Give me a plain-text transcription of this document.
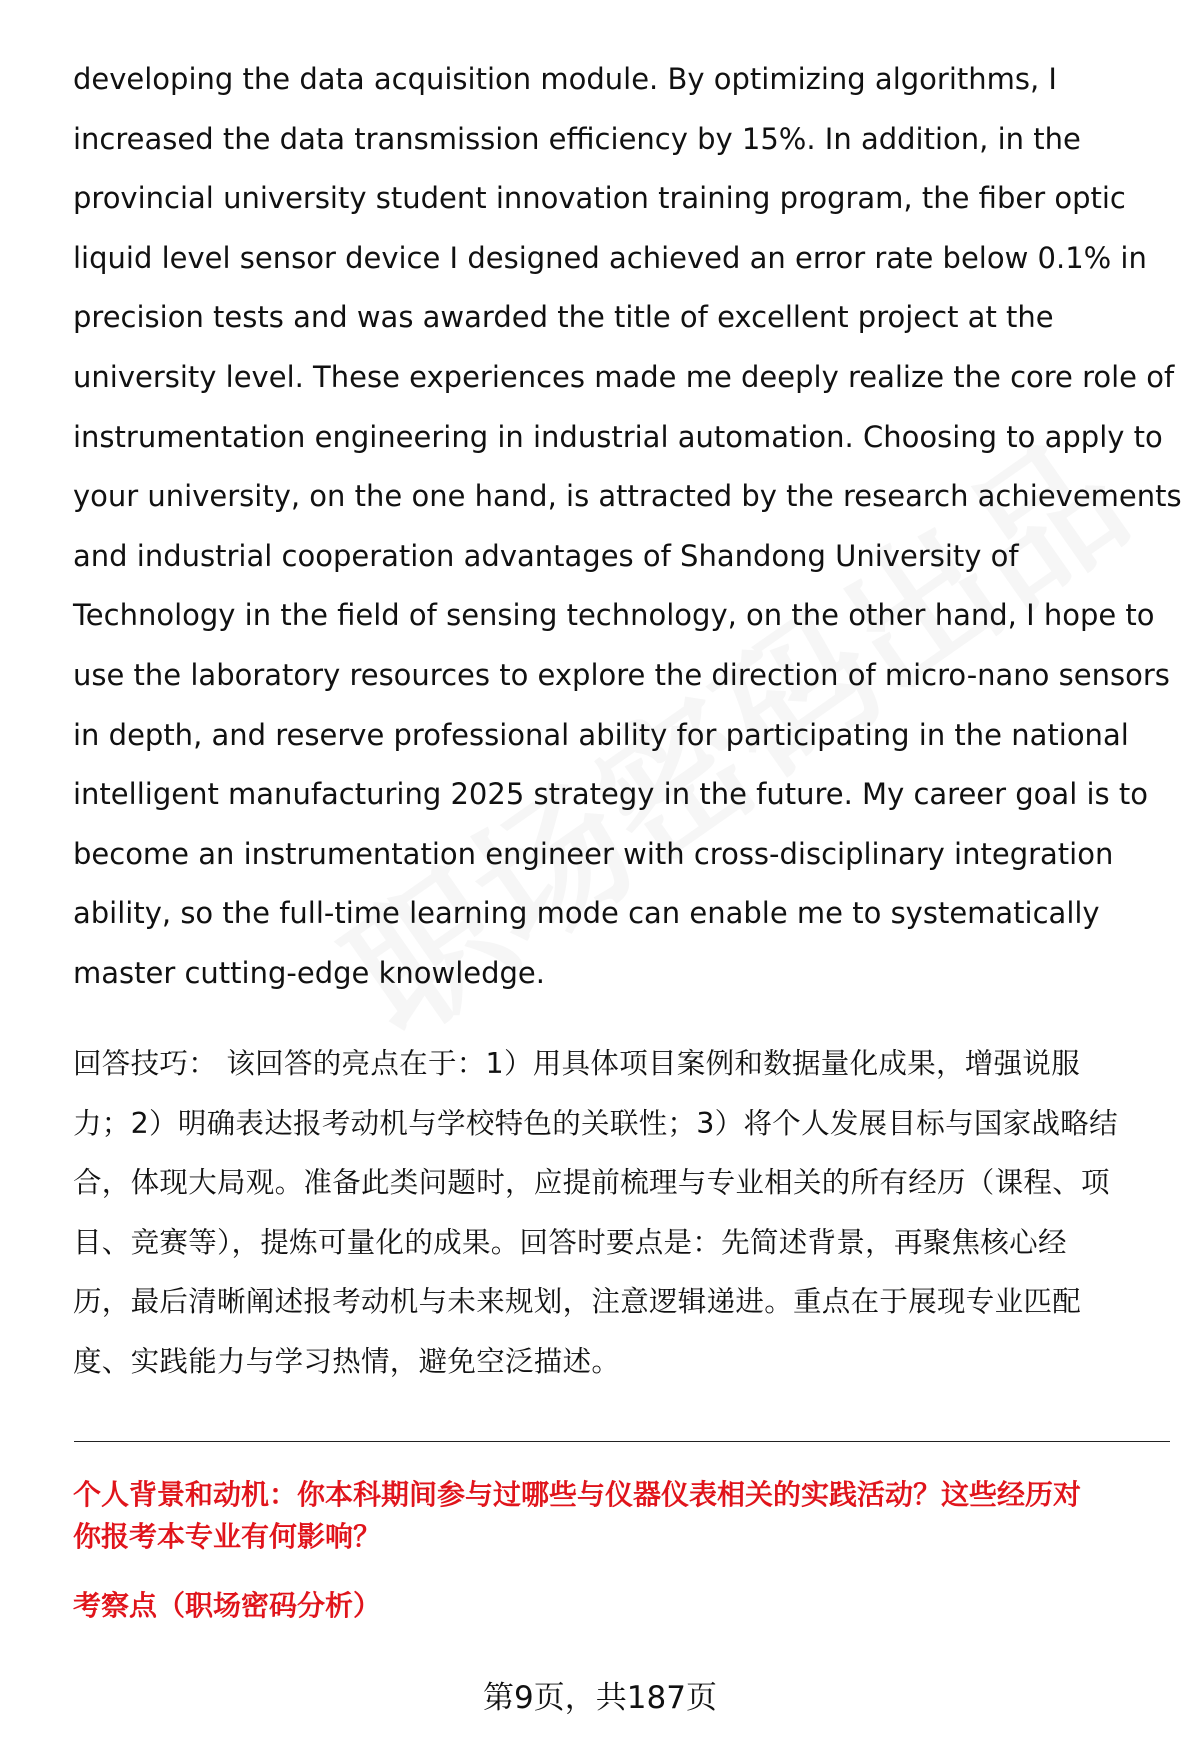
developing the data acquisition module. By optimizing algorithms, I
increased the data transmission efficiency by 15%. In addition, in the
provincial university student innovation training program, the fiber optic
liquid level sensor device I designed achieved an error rate below 0.1% in
precision tests and was awarded the title of excellent project at the
university level. These experiences made me deeply realize the core role of
instrumentation engineering in industrial automation. Choosing to apply to
your university, on the one hand, is attracted by the research achievements
and industrial cooperation advantages of Shandong University of
Technology in the field of sensing technology, on the other hand, I hope to
use the laboratory resources to explore the direction of micro-nano sensors
in depth, and reserve professional ability for participating in the national
intelligent manufacturing 2025 strategy in the future. My career goal is to
become an instrumentation engineer with cross-disciplinary integration
ability, so the full-time learning mode can enable me to systematically
master cutting-edge knowledge.
回答技巧： 该回答的亮点在于：1）用具体项目案例和数据量化成果，增强说服
力；2）明确表达报考动机与学校特色的关联性；3）将个人发展目标与国家战略结
合，体现大局观。准备此类问题时，应提前梳理与专业相关的所有经历（课程、项
目、竞赛等），提炼可量化的成果。回答时要点是：先简述背景，再聚焦核心经
历，最后清晰阐述报考动机与未来规划，注意逻辑递进。重点在于展现专业匹配
度、实践能力与学习热情，避免空泛描述。
个人背景和动机：你本科期间参与过哪些与仪器仪表相关的实践活动？这些经历对
你报考本专业有何影响？
考察点（职场密码分析）
第9页，共187页
